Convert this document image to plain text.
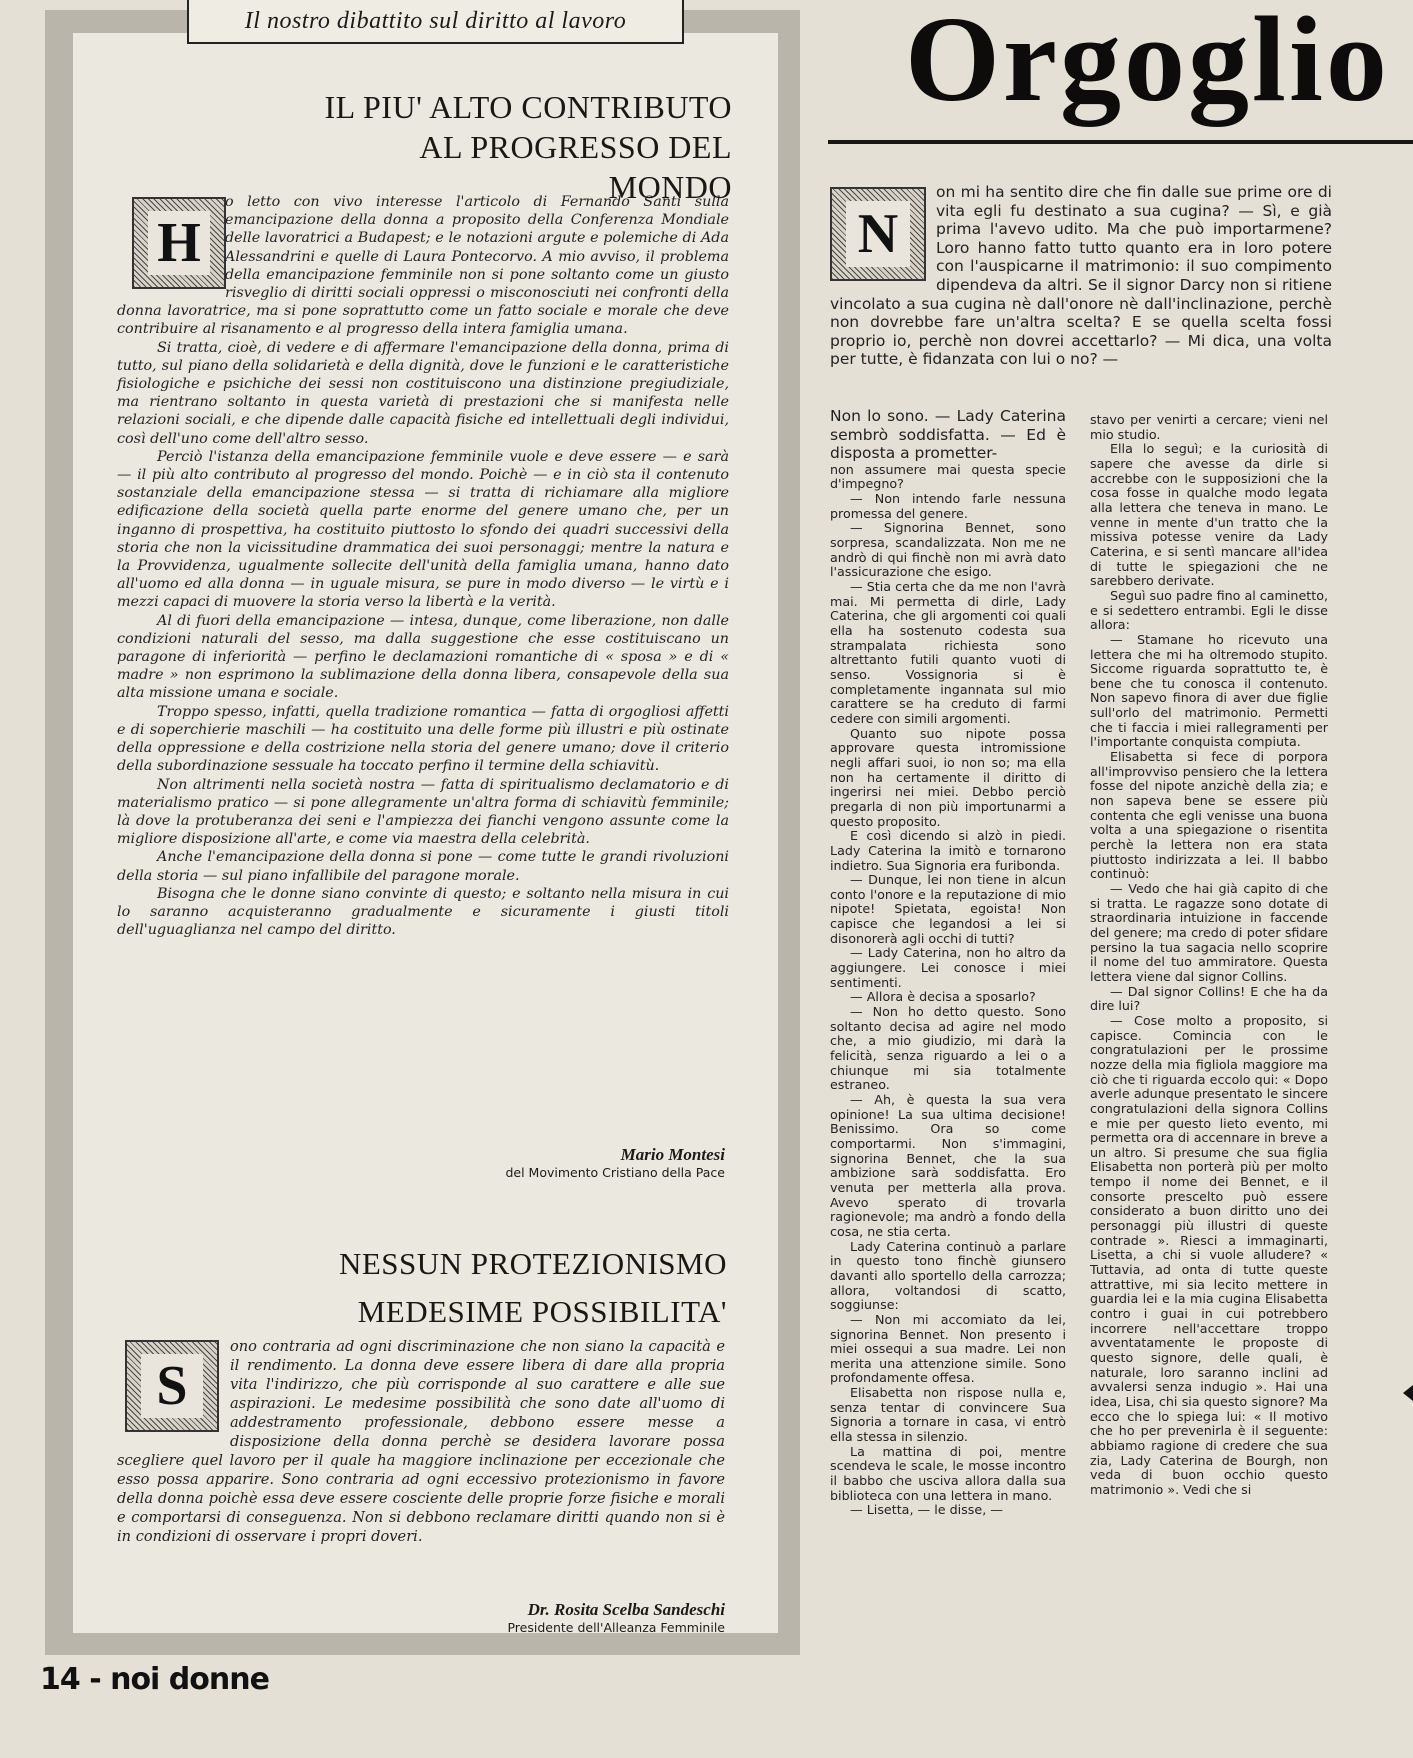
Il nostro dibattito sul diritto al lavoro
IL PIU' ALTO CONTRIBUTO
AL PROGRESSO DEL MONDO
H

o letto con vivo interesse l'articolo di Fernando Santi sulla emancipazione della donna a proposito della Conferenza Mondiale delle lavoratrici a Budapest; e le notazioni argute e polemiche di Ada Alessandrini e quelle di Laura Pontecorvo. A mio avviso, il problema della emancipazione femminile non si pone soltanto come un giusto risveglio di diritti sociali oppressi o misconosciuti nei confronti della donna lavoratrice, ma si pone soprattutto come un fatto sociale e morale che deve contribuire al risanamento e al progresso della intera famiglia umana.

Si tratta, cioè, di vedere e di affermare l'emancipazione della donna, prima di tutto, sul piano della solidarietà e della dignità, dove le funzioni e le caratteristiche fisiologiche e psichiche dei sessi non costituiscono una distinzione pregiudiziale, ma rientrano soltanto in questa varietà di prestazioni che si manifesta nelle relazioni sociali, e che dipende dalle capacità fisiche ed intellettuali degli individui, così dell'uno come dell'altro sesso.

Perciò l'istanza della emancipazione femminile vuole e deve essere — e sarà — il più alto contributo al progresso del mondo. Poichè — e in ciò sta il contenuto sostanziale della emancipazione stessa — si tratta di richiamare alla migliore edificazione della società quella parte enorme del genere umano che, per un inganno di prospettiva, ha costituito piuttosto lo sfondo dei quadri successivi della storia che non la vicissitudine drammatica dei suoi personaggi; mentre la natura e la Provvidenza, ugualmente sollecite dell'unità della famiglia umana, hanno dato all'uomo ed alla donna — in uguale misura, se pure in modo diverso — le virtù e i mezzi capaci di muovere la storia verso la libertà e la verità.

Al di fuori della emancipazione — intesa, dunque, come liberazione, non dalle condizioni naturali del sesso, ma dalla suggestione che esse costituiscano un paragone di inferiorità — perfino le declamazioni romantiche di « sposa » e di « madre » non esprimono la sublimazione della donna libera, consapevole della sua alta missione umana e sociale.

Troppo spesso, infatti, quella tradizione romantica — fatta di orgogliosi affetti e di soperchierie maschili — ha costituito una delle forme più illustri e più ostinate della oppressione e della costrizione nella storia del genere umano; dove il criterio della subordinazione sessuale ha toccato perfino il termine della schiavitù.

Non altrimenti nella società nostra — fatta di spiritualismo declamatorio e di materialismo pratico — si pone allegramente un'altra forma di schiavitù femminile; là dove la protuberanza dei seni e l'ampiezza dei fianchi vengono assunte come la migliore disposizione all'arte, e come via maestra della celebrità.

Anche l'emancipazione della donna si pone — come tutte le grandi rivoluzioni della storia — sul piano infallibile del paragone morale.

Bisogna che le donne siano convinte di questo; e soltanto nella misura in cui lo saranno acquisteranno gradualmente e sicuramente i giusti titoli dell'uguaglianza nel campo del diritto.

Mario Montesi
del Movimento Cristiano della Pace
NESSUN PROTEZIONISMO
MEDESIME POSSIBILITA'
S

ono contraria ad ogni discriminazione che non siano la capacità e il rendimento. La donna deve essere libera di dare alla propria vita l'indirizzo, che più corrisponde al suo carattere e alle sue aspirazioni. Le medesime possibilità che sono date all'uomo di addestramento professionale, debbono essere messe a disposizione della donna perchè se desidera lavorare possa scegliere quel lavoro per il quale ha maggiore inclinazione per eccezionale che esso possa apparire. Sono contraria ad ogni eccessivo protezionismo in favore della donna poichè essa deve essere cosciente delle proprie forze fisiche e morali e comportarsi di conseguenza. Non si debbono reclamare diritti quando non si è in condizioni di osservare i propri doveri.

Dr. Rosita Scelba Sandeschi
Presidente dell'Alleanza Femminile
Orgoglio
N

on mi ha sentito dire che fin dalle sue prime ore di vita egli fu destinato a sua cugina? — Sì, e già prima l'avevo udito. Ma che può importarmene? Loro hanno fatto tutto quanto era in loro potere con l'auspicarne il matrimonio: il suo compimento dipendeva da altri. Se il signor Darcy non si ritiene vincolato a sua cugina nè dall'onore nè dall'inclinazione, perchè non dovrebbe fare un'altra scelta? E se quella scelta fossi proprio io, perchè non dovrei accettarlo? — Mi dica, una volta per tutte, è fidanzata con lui o no? —

Non lo sono. — Lady Caterina sembrò soddisfatta. — Ed è disposta a prometter-

non assumere mai questa specie d'impegno?

— Non intendo farle nessuna promessa del genere.

— Signorina Bennet, sono sorpresa, scandalizzata. Non me ne andrò di qui finchè non mi avrà dato l'assicurazione che esigo.

— Stia certa che da me non l'avrà mai. Mi permetta di dirle, Lady Caterina, che gli argomenti coi quali ella ha sostenuto codesta sua strampalata richiesta sono altrettanto futili quanto vuoti di senso. Vossignoria si è completamente ingannata sul mio carattere se ha creduto di farmi cedere con simili argomenti.

Quanto suo nipote possa approvare questa intromissione negli affari suoi, io non so; ma ella non ha certamente il diritto di ingerirsi nei miei. Debbo perciò pregarla di non più importunarmi a questo proposito.

E così dicendo si alzò in piedi. Lady Caterina la imitò e tornarono indietro. Sua Signoria era furibonda.

— Dunque, lei non tiene in alcun conto l'onore e la reputazione di mio nipote! Spietata, egoista! Non capisce che legandosi a lei si disonorerà agli occhi di tutti?

— Lady Caterina, non ho altro da aggiungere. Lei conosce i miei sentimenti.

— Allora è decisa a sposarlo?

— Non ho detto questo. Sono soltanto decisa ad agire nel modo che, a mio giudizio, mi darà la felicità, senza riguardo a lei o a chiunque mi sia totalmente estraneo.

— Ah, è questa la sua vera opinione! La sua ultima decisione! Benissimo. Ora so come comportarmi. Non s'immagini, signorina Bennet, che la sua ambizione sarà soddisfatta. Ero venuta per metterla alla prova. Avevo sperato di trovarla ragionevole; ma andrò a fondo della cosa, ne stia certa.

Lady Caterina continuò a parlare in questo tono finchè giunsero davanti allo sportello della carrozza; allora, voltandosi di scatto, soggiunse:

— Non mi accomiato da lei, signorina Bennet. Non presento i miei ossequi a sua madre. Lei non merita una attenzione simile. Sono profondamente offesa.

Elisabetta non rispose nulla e, senza tentar di convincere Sua Signoria a tornare in casa, vi entrò ella stessa in silenzio.

La mattina di poi, mentre scendeva le scale, le mosse incontro il babbo che usciva allora dalla sua biblioteca con una lettera in mano.

— Lisetta, — le disse, —

stavo per venirti a cercare; vieni nel mio studio.

Ella lo seguì; e la curiosità di sapere che avesse da dirle si accrebbe con le supposizioni che la cosa fosse in qualche modo legata alla lettera che teneva in mano. Le venne in mente d'un tratto che la missiva potesse venire da Lady Caterina, e si sentì mancare all'idea di tutte le spiegazioni che ne sarebbero derivate.

Seguì suo padre fino al caminetto, e si sedettero entrambi. Egli le disse allora:

— Stamane ho ricevuto una lettera che mi ha oltremodo stupito. Siccome riguarda soprattutto te, è bene che tu conosca il contenuto. Non sapevo finora di aver due figlie sull'orlo del matrimonio. Permetti che ti faccia i miei rallegramenti per l'importante conquista compiuta.

Elisabetta si fece di porpora all'improvviso pensiero che la lettera fosse del nipote anzichè della zia; e non sapeva bene se essere più contenta che egli venisse una buona volta a una spiegazione o risentita perchè la lettera non era stata piuttosto indirizzata a lei. Il babbo continuò:

— Vedo che hai già capito di che si tratta. Le ragazze sono dotate di straordinaria intuizione in faccende del genere; ma credo di poter sfidare persino la tua sagacia nello scoprire il nome del tuo ammiratore. Questa lettera viene dal signor Collins.

— Dal signor Collins! E che ha da dire lui?

— Cose molto a proposito, si capisce. Comincia con le congratulazioni per le prossime nozze della mia figliola maggiore ma ciò che ti riguarda eccolo qui: « Dopo averle adunque presentato le sincere congratulazioni della signora Collins e mie per questo lieto evento, mi permetta ora di accennare in breve a un altro. Si presume che sua figlia Elisabetta non porterà più per molto tempo il nome dei Bennet, e il consorte prescelto può essere considerato a buon diritto uno dei personaggi più illustri di queste contrade ». Riesci a immaginarti, Lisetta, a chi si vuole alludere? « Tuttavia, ad onta di tutte queste attrattive, mi sia lecito mettere in guardia lei e la mia cugina Elisabetta contro i guai in cui potrebbero incorrere nell'accettare troppo avventatamente le proposte di questo signore, delle quali, è naturale, loro saranno inclini ad avvalersi senza indugio ». Hai una idea, Lisa, chi sia questo signore? Ma ecco che lo spiega lui: « Il motivo che ho per prevenirla è il seguente: abbiamo ragione di credere che sua zia, Lady Caterina de Bourgh, non veda di buon occhio questo matrimonio ». Vedi che si

14 - noi donne
